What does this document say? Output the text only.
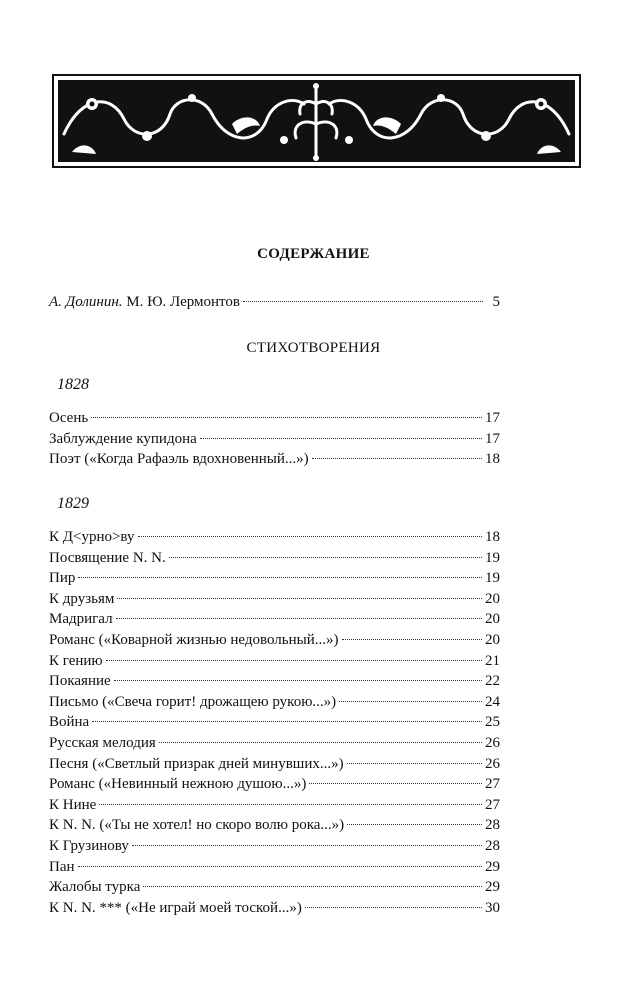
СОДЕРЖАНИЕ
А. Долинин. М. Ю. Лермонтов	5
СТИХОТВОРЕНИЯ
1828
Осень	17
Заблуждение купидона	17
Поэт («Когда Рафаэль вдохновенный...»)	18
1829
К Д<урно>ву	18
Посвящение N. N.	19
Пир	19
К друзьям	20
Мадригал	20
Романс («Коварной жизнью недовольный...»)	20
К гению	21
Покаяние	22
Письмо («Свеча горит! дрожащею рукою...»)	24
Война	25
Русская мелодия	26
Песня («Светлый призрак дней минувших...»)	26
Романс («Невинный нежною душою...»)	27
К Нине	27
К N. N. («Ты не хотел! но скоро волю рока...»)	28
К Грузинову	28
Пан	29
Жалобы турка	29
К N. N. *** («Не играй моей тоской...»)	30
